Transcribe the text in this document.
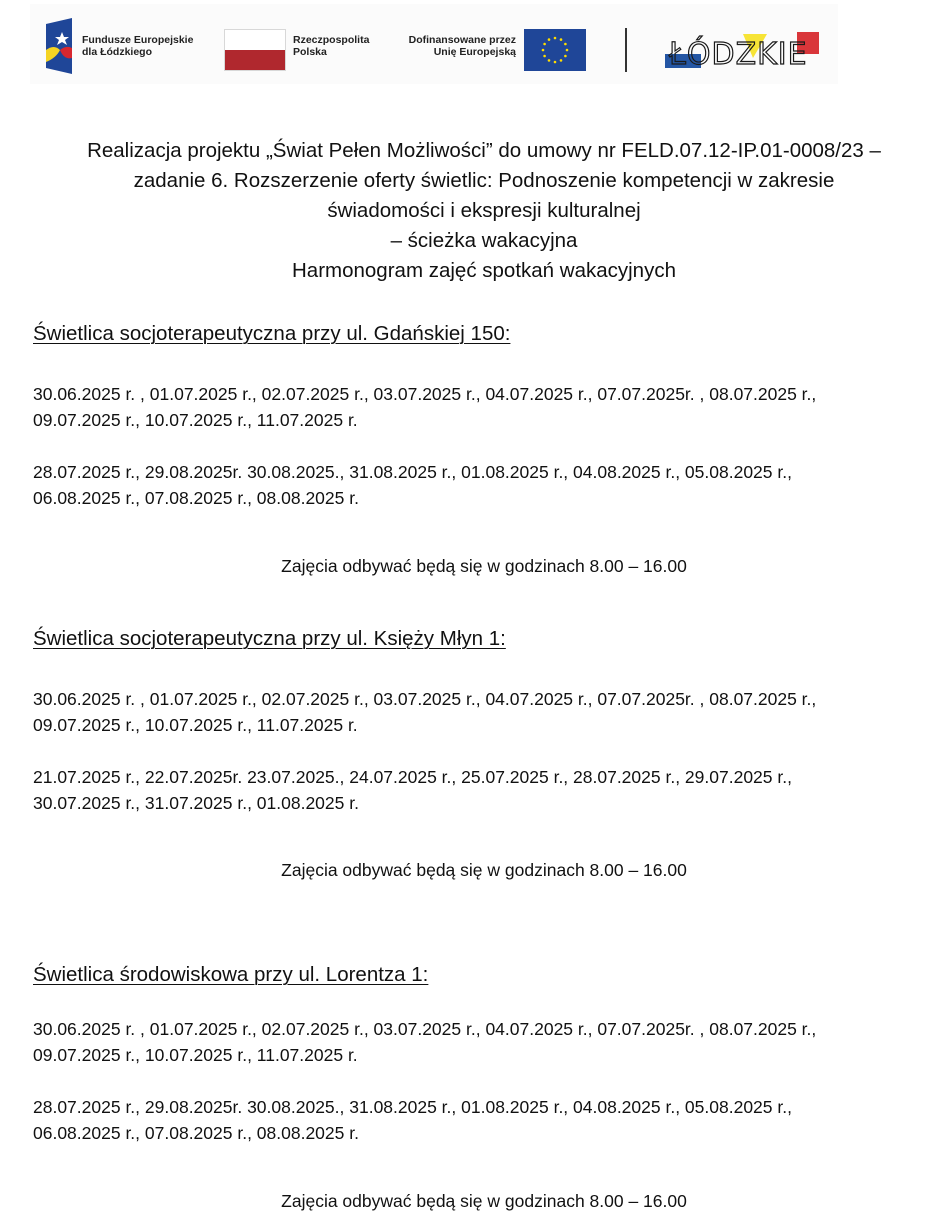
Fundusze Europejskie
dla Łódzkiego
Rzeczpospolita
Polska
Dofinansowane przez
Unię Europejską	ŁÓDZKIE
Realizacja projektu „Świat Pełen Możliwości” do umowy nr FELD.07.12-IP.01-0008/23 –
zadanie 6. Rozszerzenie oferty świetlic: Podnoszenie kompetencji w zakresie
świadomości i ekspresji kulturalnej
– ścieżka wakacyjna
Harmonogram zajęć spotkań wakacyjnych
Świetlica socjoterapeutyczna przy ul. Gdańskiej 150:
30.06.2025 r. , 01.07.2025 r., 02.07.2025 r., 03.07.2025 r., 04.07.2025 r., 07.07.2025r. , 08.07.2025 r.,
09.07.2025 r., 10.07.2025 r., 11.07.2025 r.
28.07.2025 r., 29.08.2025r. 30.08.2025., 31.08.2025 r., 01.08.2025 r., 04.08.2025 r., 05.08.2025 r.,
06.08.2025 r., 07.08.2025 r., 08.08.2025 r.
Zajęcia odbywać będą się w godzinach 8.00 – 16.00
Świetlica socjoterapeutyczna przy ul. Księży Młyn 1:
30.06.2025 r. , 01.07.2025 r., 02.07.2025 r., 03.07.2025 r., 04.07.2025 r., 07.07.2025r. , 08.07.2025 r.,
09.07.2025 r., 10.07.2025 r., 11.07.2025 r.
21.07.2025 r., 22.07.2025r. 23.07.2025., 24.07.2025 r., 25.07.2025 r., 28.07.2025 r., 29.07.2025 r.,
30.07.2025 r., 31.07.2025 r., 01.08.2025 r.
Zajęcia odbywać będą się w godzinach 8.00 – 16.00
Świetlica środowiskowa przy ul. Lorentza 1:
30.06.2025 r. , 01.07.2025 r., 02.07.2025 r., 03.07.2025 r., 04.07.2025 r., 07.07.2025r. , 08.07.2025 r.,
09.07.2025 r., 10.07.2025 r., 11.07.2025 r.
28.07.2025 r., 29.08.2025r. 30.08.2025., 31.08.2025 r., 01.08.2025 r., 04.08.2025 r., 05.08.2025 r.,
06.08.2025 r., 07.08.2025 r., 08.08.2025 r.
Zajęcia odbywać będą się w godzinach 8.00 – 16.00
